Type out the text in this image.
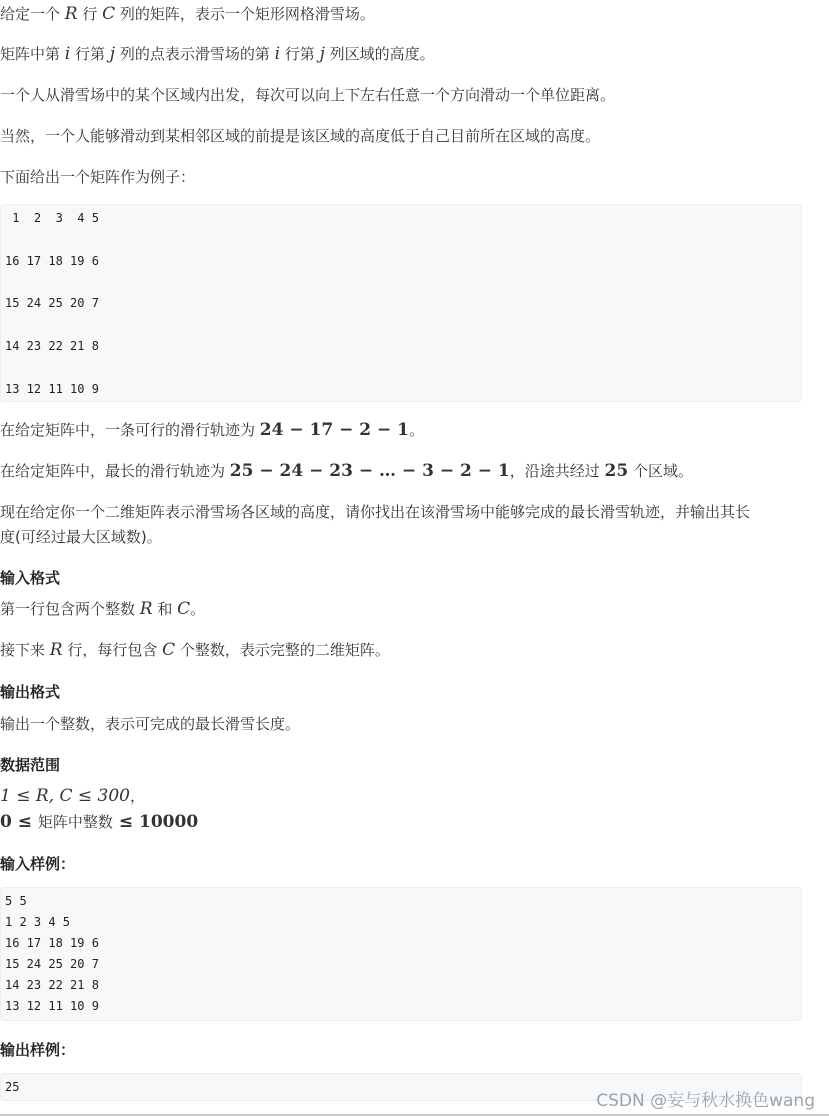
给定一个 R 行 C 列的矩阵，表示一个矩形网格滑雪场。

矩阵中第 i 行第 j 列的点表示滑雪场的第 i 行第 j 列区域的高度。

一个人从滑雪场中的某个区域内出发，每次可以向上下左右任意一个方向滑动一个单位距离。

当然，一个人能够滑动到某相邻区域的前提是该区域的高度低于自己目前所在区域的高度。

下面给出一个矩阵作为例子：

1  2  3  4 5
16 17 18 19 6
15 24 25 20 7
14 23 22 21 8
13 12 11 10 9

在给定矩阵中，一条可行的滑行轨迹为 24 − 17 − 2 − 1。

在给定矩阵中，最长的滑行轨迹为 25 − 24 − 23 − … − 3 − 2 − 1，沿途共经过 25 个区域。

现在给定你一个二维矩阵表示滑雪场各区域的高度，请你找出在该滑雪场中能够完成的最长滑雪轨迹，并输出其长

度(可经过最大区域数)。

输入格式

第一行包含两个整数 R 和 C。

接下来 R 行，每行包含 C 个整数，表示完整的二维矩阵。

输出格式

输出一个整数，表示可完成的最长滑雪长度。

数据范围

1 ≤ R, C ≤ 300，

0 ≤ 矩阵中整数 ≤ 10000

输入样例：
5 5
1 2 3 4 5
16 17 18 19 6
15 24 25 20 7
14 23 22 21 8
13 12 11 10 9
输出样例：
25
CSDN @妄与秋水换色wang
